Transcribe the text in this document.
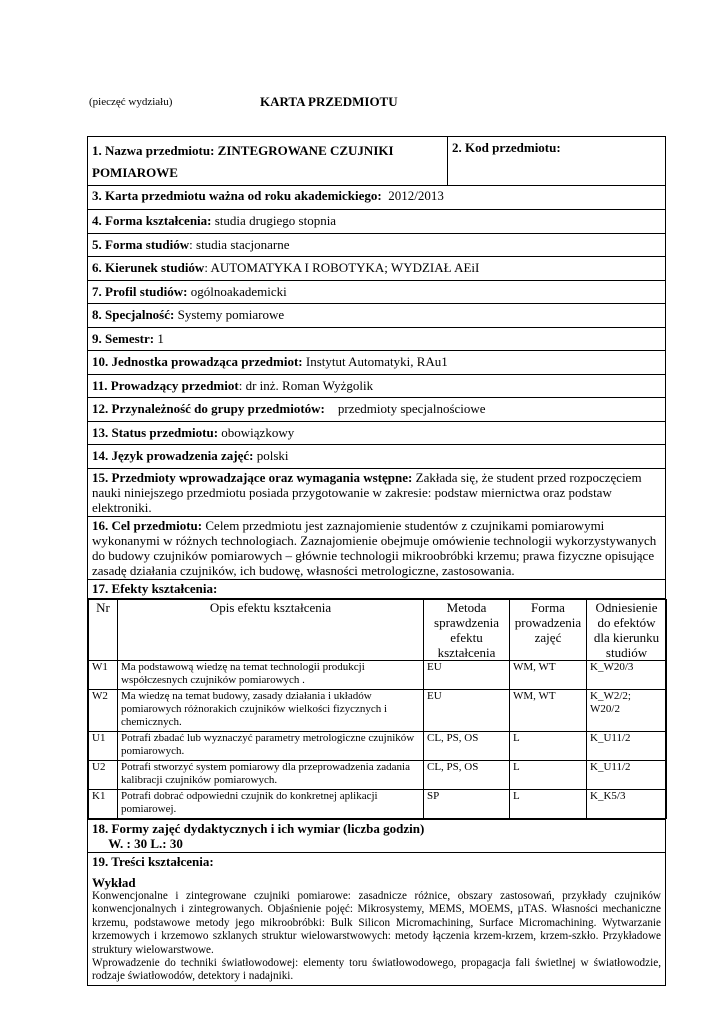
(pieczęć wydziału)	KARTA PRZEDMIOTU
1. Nazwa przedmiotu: ZINTEGROWANE CZUJNIKI
POMIAROWE	2. Kod przedmiotu:
3. Karta przedmiotu ważna od roku akademickiego: 2012/2013
4. Forma kształcenia: studia drugiego stopnia
5. Forma studiów: studia stacjonarne
6. Kierunek studiów: AUTOMATYKA I ROBOTYKA; WYDZIAŁ AEiI
7. Profil studiów: ogólnoakademicki
8. Specjalność: Systemy pomiarowe
9. Semestr: 1
10. Jednostka prowadząca przedmiot: Instytut Automatyki, RAu1
11. Prowadzący przedmiot: dr inż. Roman Wyżgolik
12. Przynależność do grupy przedmiotów: przedmioty specjalnościowe
13. Status przedmiotu: obowiązkowy
14. Język prowadzenia zajęć: polski
15. Przedmioty wprowadzające oraz wymagania wstępne: Zakłada się, że student przed rozpoczęciem nauki niniejszego przedmiotu posiada przygotowanie w zakresie: podstaw miernictwa oraz podstaw elektroniki.
16. Cel przedmiotu: Celem przedmiotu jest zaznajomienie studentów z czujnikami pomiarowymi wykonanymi w różnych technologiach. Zaznajomienie obejmuje omówienie technologii wykorzystywanych do budowy czujników pomiarowych – głównie technologii mikroobróbki krzemu; prawa fizyczne opisujące zasadę działania czujników, ich budowę, własności metrologiczne, zastosowania.
17. Efekty kształcenia:

Nr	Opis efektu kształcenia	Metoda sprawdzenia efektu kształcenia	Forma prowadzenia zajęć	Odniesienie do efektów dla kierunku studiów
W1	Ma podstawową wiedzę na temat technologii produkcji współczesnych czujników pomiarowych .	EU	WM, WT	K_W20/3
W2	Ma wiedzę na temat budowy, zasady działania i układów pomiarowych różnorakich czujników wielkości fizycznych i chemicznych.	EU	WM, WT	K_W2/2; W20/2
U1	Potrafi zbadać lub wyznaczyć parametry metrologiczne czujników pomiarowych.	CL, PS, OS	L	K_U11/2
U2	Potrafi stworzyć system pomiarowy dla przeprowadzenia zadania kalibracji czujników pomiarowych.	CL, PS, OS	L	K_U11/2
K1	Potrafi dobrać odpowiedni czujnik do konkretnej aplikacji pomiarowej.	SP	L	K_K5/3

18. Formy zajęć dydaktycznych i ich wymiar (liczba godzin)
W. : 30 L.: 30

19. Treści kształcenia:
Wykład
Konwencjonalne i zintegrowane czujniki pomiarowe: zasadnicze różnice, obszary zastosowań, przykłady czujników konwencjonalnych i zintegrowanych. Objaśnienie pojęć: Mikrosystemy, MEMS, MOEMS, µTAS. Własności mechaniczne krzemu, podstawowe metody jego mikroobróbki: Bulk Silicon Micromachining, Surface Micromachining. Wytwarzanie krzemowych i krzemowo szklanych struktur wielowarstwowych: metody łączenia krzem-krzem, krzem-szkło. Przykładowe struktury wielowarstwowe.
Wprowadzenie do techniki światłowodowej: elementy toru światłowodowego, propagacja fali świetlnej w światłowodzie, rodzaje światłowodów, detektory i nadajniki.
